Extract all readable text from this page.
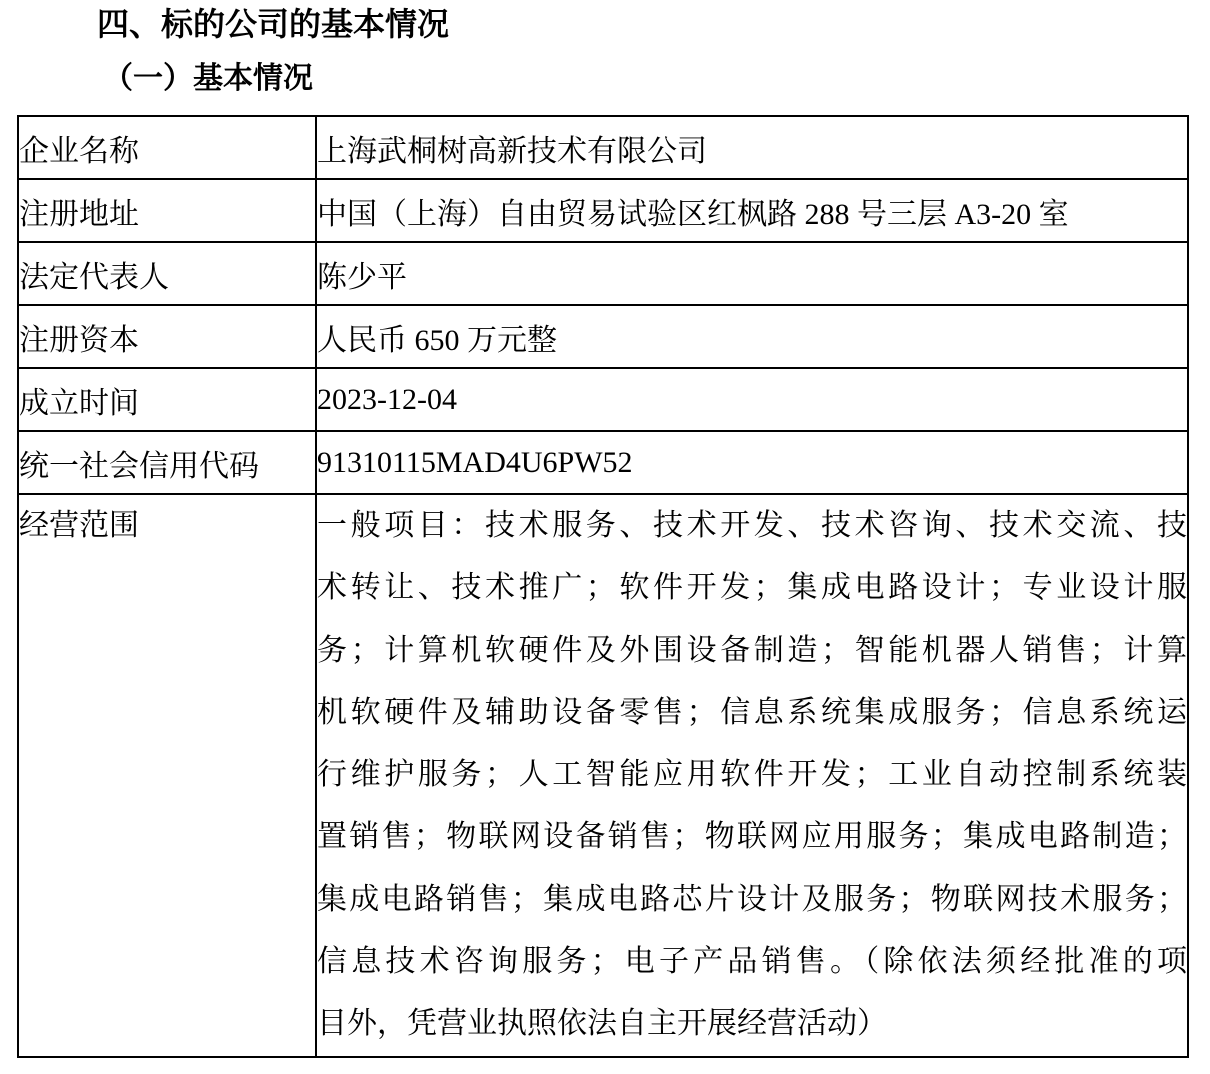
四、标的公司的基本情况
（一）基本情况
企业名称	上海武桐树高新技术有限公司
注册地址	中国（上海）自由贸易试验区红枫路 288 号三层 A3-20 室
法定代表人	陈少平
注册资本	人民币 650 万元整
成立时间	2023-12-04
统一社会信用代码	91310115MAD4U6PW52
经营范围	一般项目：技术服务、技术开发、技术咨询、技术交流、技
术转让、技术推广；软件开发；集成电路设计；专业设计服
务；计算机软硬件及外围设备制造；智能机器人销售；计算
机软硬件及辅助设备零售；信息系统集成服务；信息系统运
行维护服务；人工智能应用软件开发；工业自动控制系统装
置销售；物联网设备销售；物联网应用服务；集成电路制造；
集成电路销售；集成电路芯片设计及服务；物联网技术服务；
信息技术咨询服务；电子产品销售。（除依法须经批准的项
目外，凭营业执照依法自主开展经营活动）
